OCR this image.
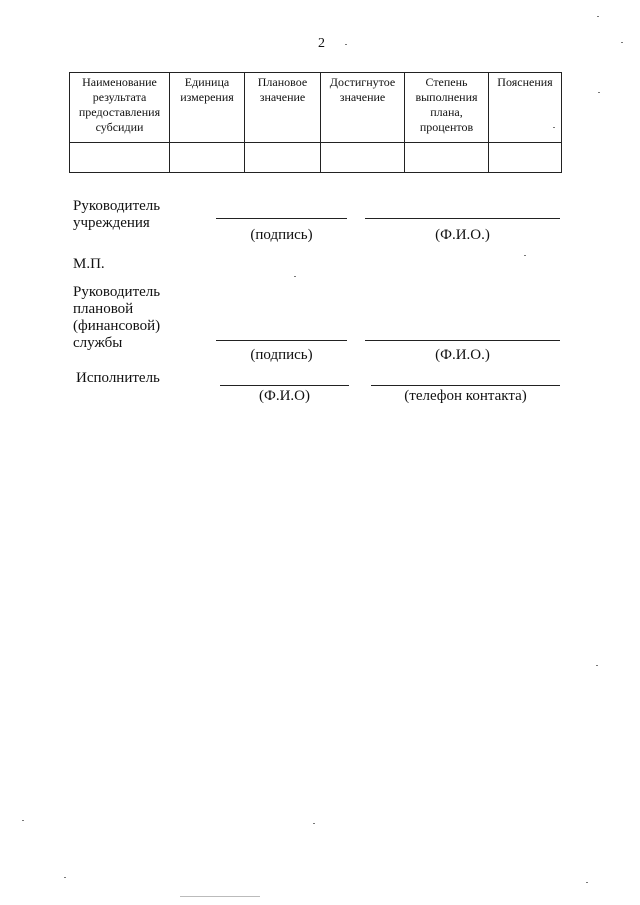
2
Наименование результата предоставления субсидии	Единица измерения	Плановое значение	Достигнутое значение	Степень выполнения плана, процентов	Пояснения

Руководитель
учреждения
(подпись)	(Ф.И.О.)
М.П.
Руководитель
плановой
(финансовой)
службы
(подпись)	(Ф.И.О.)
Исполнитель
(Ф.И.О)	(телефон контакта)
